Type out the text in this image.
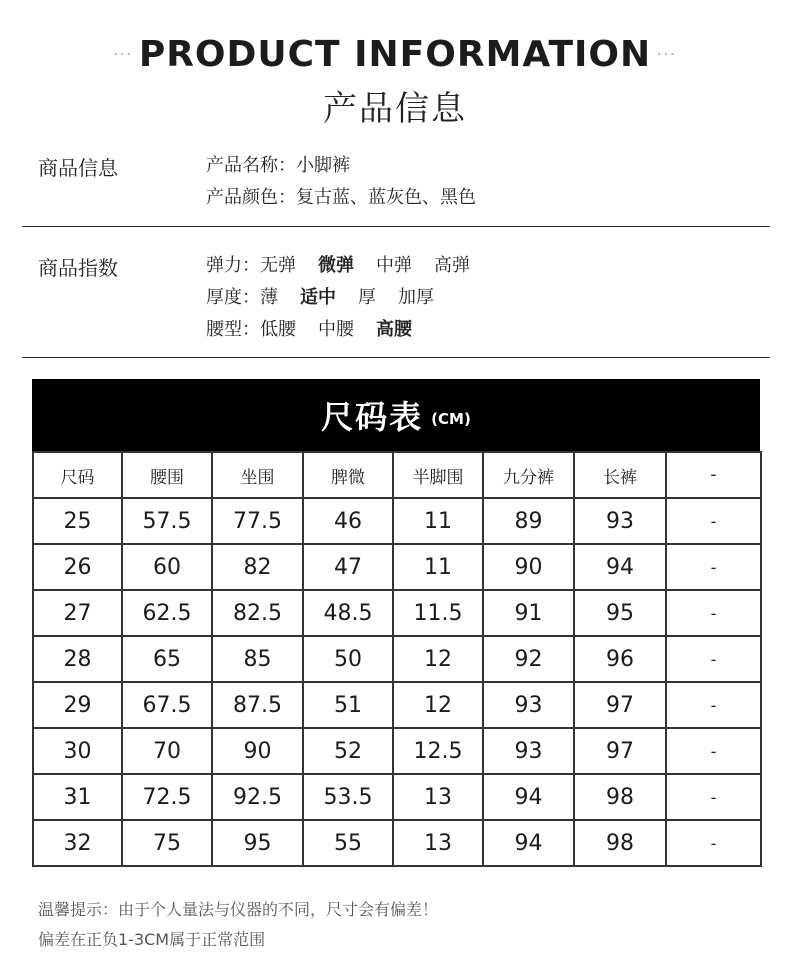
··· PRODUCT INFORMATION ···
产品信息
商品信息	产品名称：小脚裤
产品颜色：复古蓝、蓝灰色、黑色
商品指数	弹力：无弹 微弹 中弹 高弹
厚度：薄 适中 厚 加厚
腰型：低腰 中腰 高腰
尺码表 (CM)
尺码	腰围	坐围	脾微	半脚围	九分裤	长裤	-
25	57.5	77.5	46	11	89	93	-
26	60	82	47	11	90	94	-
27	62.5	82.5	48.5	11.5	91	95	-
28	65	85	50	12	92	96	-
29	67.5	87.5	51	12	93	97	-
30	70	90	52	12.5	93	97	-
31	72.5	92.5	53.5	13	94	98	-
32	75	95	55	13	94	98	-
温馨提示：由于个人量法与仪器的不同，尺寸会有偏差！
偏差在正负1-3CM属于正常范围
